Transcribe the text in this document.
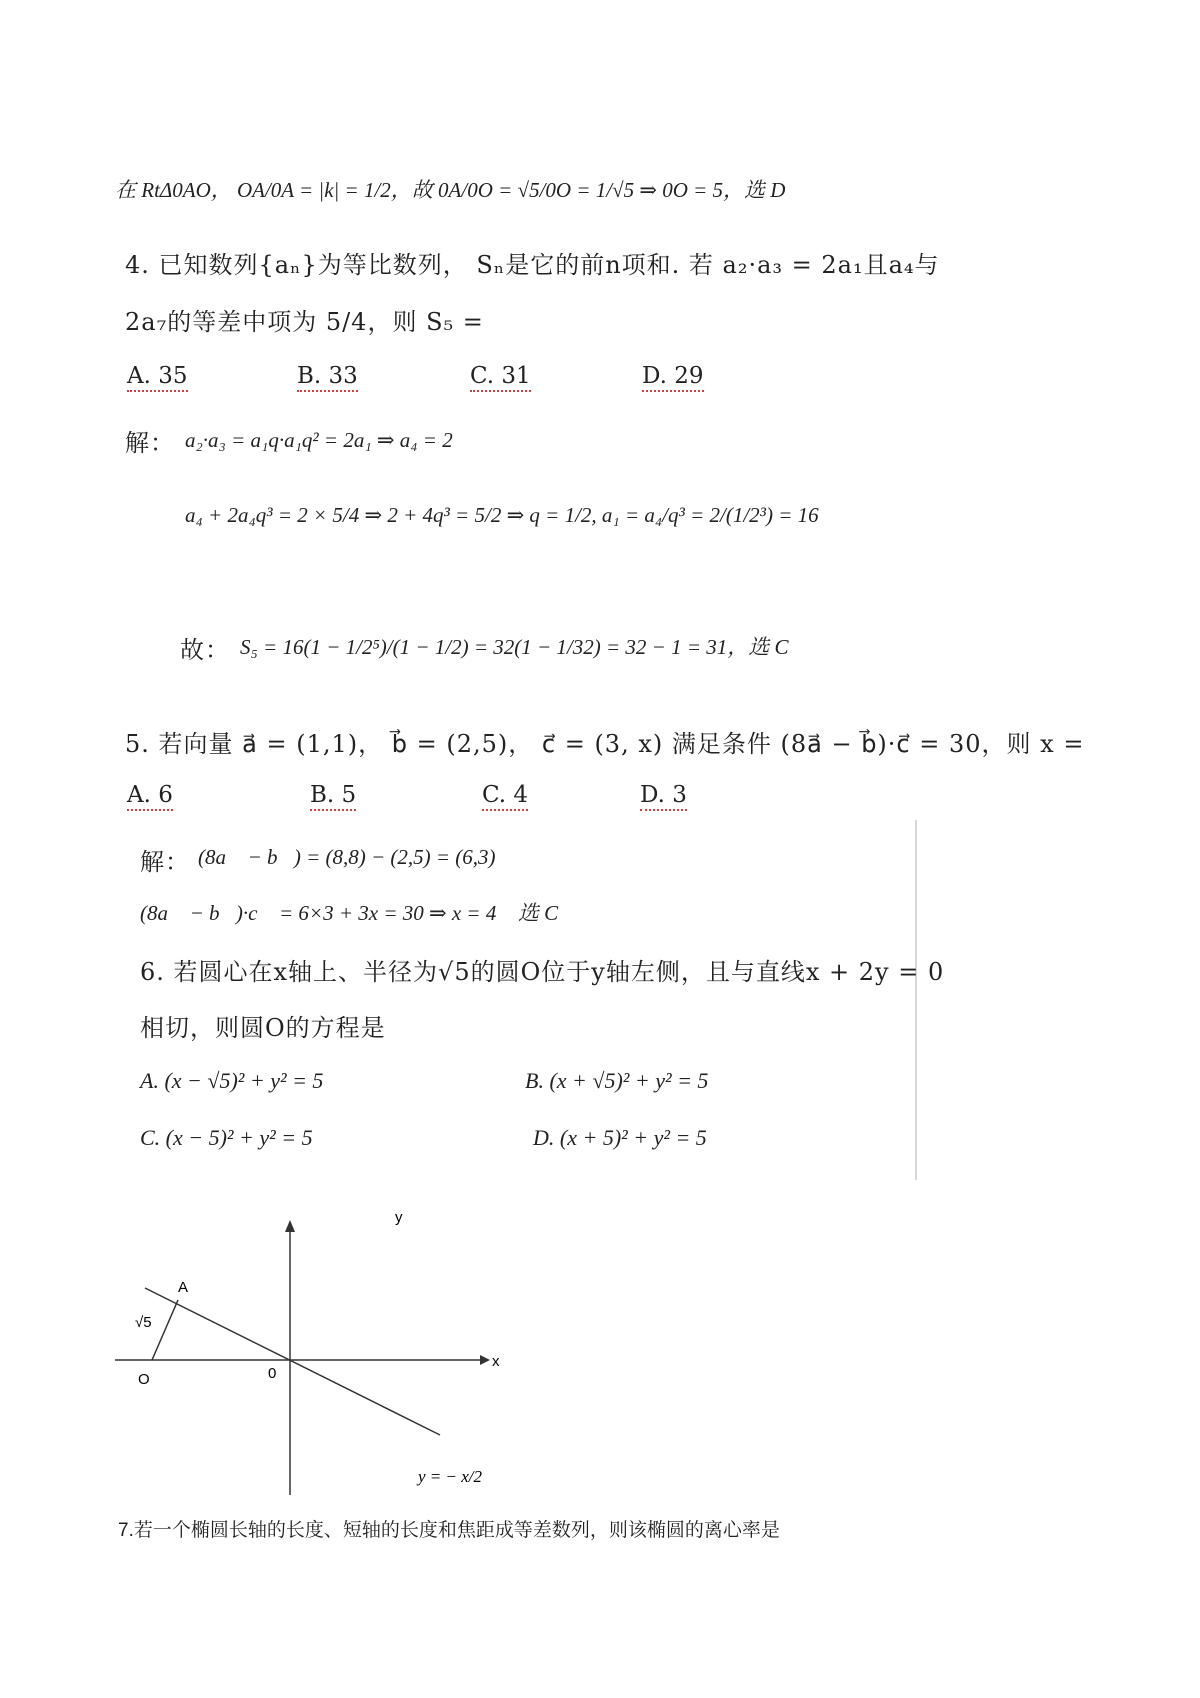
在 RtΔ0AO， OA/0A = |k| = 1/2，故 0A/0O = √5/0O = 1/√5 ⇒ 0O = 5，选 D
4. 已知数列{aₙ}为等比数列， Sₙ是它的前n项和. 若 a₂·a₃ = 2a₁且a₄与
2a₇的等差中项为 5/4，则 S₅ =
A. 35	B. 33	C. 31	D. 29
解： a₂·a₃ = a₁q·a₁q² = 2a₁ ⇒ a₄ = 2
a₄ + 2a₄q³ = 2 × 5/4 ⇒ 2 + 4q³ = 5/2 ⇒ q = 1/2, a₁ = a₄/q³ = 2/(1/2³) = 16
故： S₅ = 16(1 − 1/2⁵)/(1 − 1/2) = 32(1 − 1/32) = 32 − 1 = 31，选 C
5. 若向量 a⃗ = (1,1)， b⃗ = (2,5)， c⃗ = (3, x) 满足条件 (8a⃗ − b⃗)·c⃗ = 30，则 x =
A. 6	B. 5	C. 4	D. 3
解： (8a⃗ − b⃗) = (8,8) − (2,5) = (6,3)
(8a⃗ − b⃗)·c⃗ = 6×3 + 3x = 30 ⇒ x = 4， 选 C
6. 若圆心在x轴上、半径为√5的圆O位于y轴左侧，且与直线x + 2y = 0
相切，则圆O的方程是
A. (x − √5)² + y² = 5	B. (x + √5)² + y² = 5
C. (x − 5)² + y² = 5	D. (x + 5)² + y² = 5
y
x
A
O	0
√5
y = − x/2
7.若一个椭圆长轴的长度、短轴的长度和焦距成等差数列，则该椭圆的离心率是
